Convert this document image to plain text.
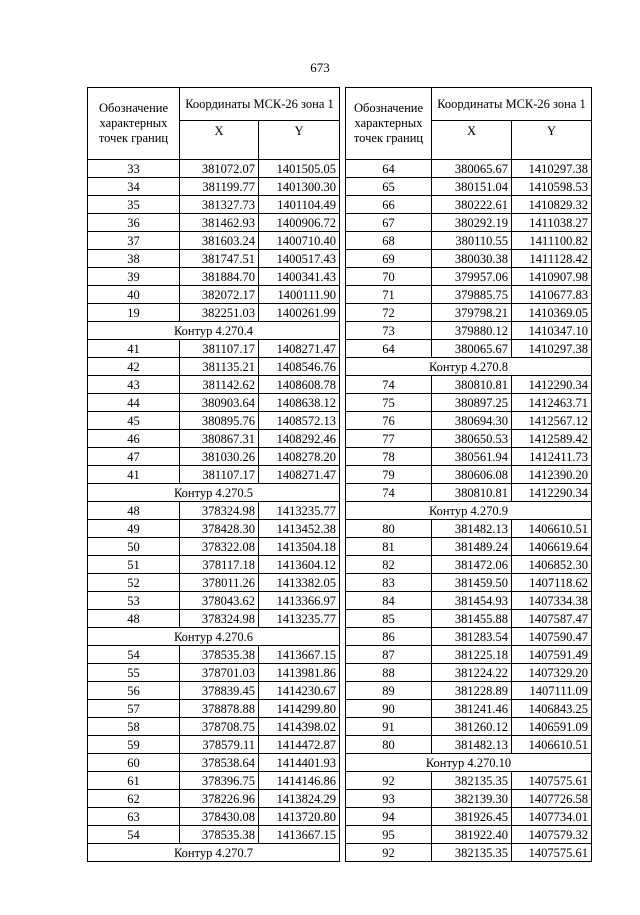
673
Обозначение характерных точек границ	Координаты МСК-26 зона 1	
	X	Y
33	381072.07	1401505.05
34	381199.77	1401300.30
35	381327.73	1401104.49
36	381462.93	1400906.72
37	381603.24	1400710.40
38	381747.51	1400517.43
39	381884.70	1400341.43
40	382072.17	1400111.90
19	382251.03	1400261.99
Контур 4.270.4		
41	381107.17	1408271.47
42	381135.21	1408546.76
43	381142.62	1408608.78
44	380903.64	1408638.12
45	380895.76	1408572.13
46	380867.31	1408292.46
47	381030.26	1408278.20
41	381107.17	1408271.47
Контур 4.270.5		
48	378324.98	1413235.77
49	378428.30	1413452.38
50	378322.08	1413504.18
51	378117.18	1413604.12
52	378011.26	1413382.05
53	378043.62	1413366.97
48	378324.98	1413235.77
Контур 4.270.6		
54	378535.38	1413667.15
55	378701.03	1413981.86
56	378839.45	1414230.67
57	378878.88	1414299.80
58	378708.75	1414398.02
59	378579.11	1414472.87
60	378538.64	1414401.93
61	378396.75	1414146.86
62	378226.96	1413824.29
63	378430.08	1413720.80
54	378535.38	1413667.15
Контур 4.270.7		
Обозначение характерных точек границ	Координаты МСК-26 зона 1	
	X	Y
64	380065.67	1410297.38
65	380151.04	1410598.53
66	380222.61	1410829.32
67	380292.19	1411038.27
68	380110.55	1411100.82
69	380030.38	1411128.42
70	379957.06	1410907.98
71	379885.75	1410677.83
72	379798.21	1410369.05
73	379880.12	1410347.10
64	380065.67	1410297.38
Контур 4.270.8		
74	380810.81	1412290.34
75	380897.25	1412463.71
76	380694.30	1412567.12
77	380650.53	1412589.42
78	380561.94	1412411.73
79	380606.08	1412390.20
74	380810.81	1412290.34
Контур 4.270.9		
80	381482.13	1406610.51
81	381489.24	1406619.64
82	381472.06	1406852.30
83	381459.50	1407118.62
84	381454.93	1407334.38
85	381455.88	1407587.47
86	381283.54	1407590.47
87	381225.18	1407591.49
88	381224.22	1407329.20
89	381228.89	1407111.09
90	381241.46	1406843.25
91	381260.12	1406591.09
80	381482.13	1406610.51
Контур 4.270.10		
92	382135.35	1407575.61
93	382139.30	1407726.58
94	381926.45	1407734.01
95	381922.40	1407579.32
92	382135.35	1407575.61
